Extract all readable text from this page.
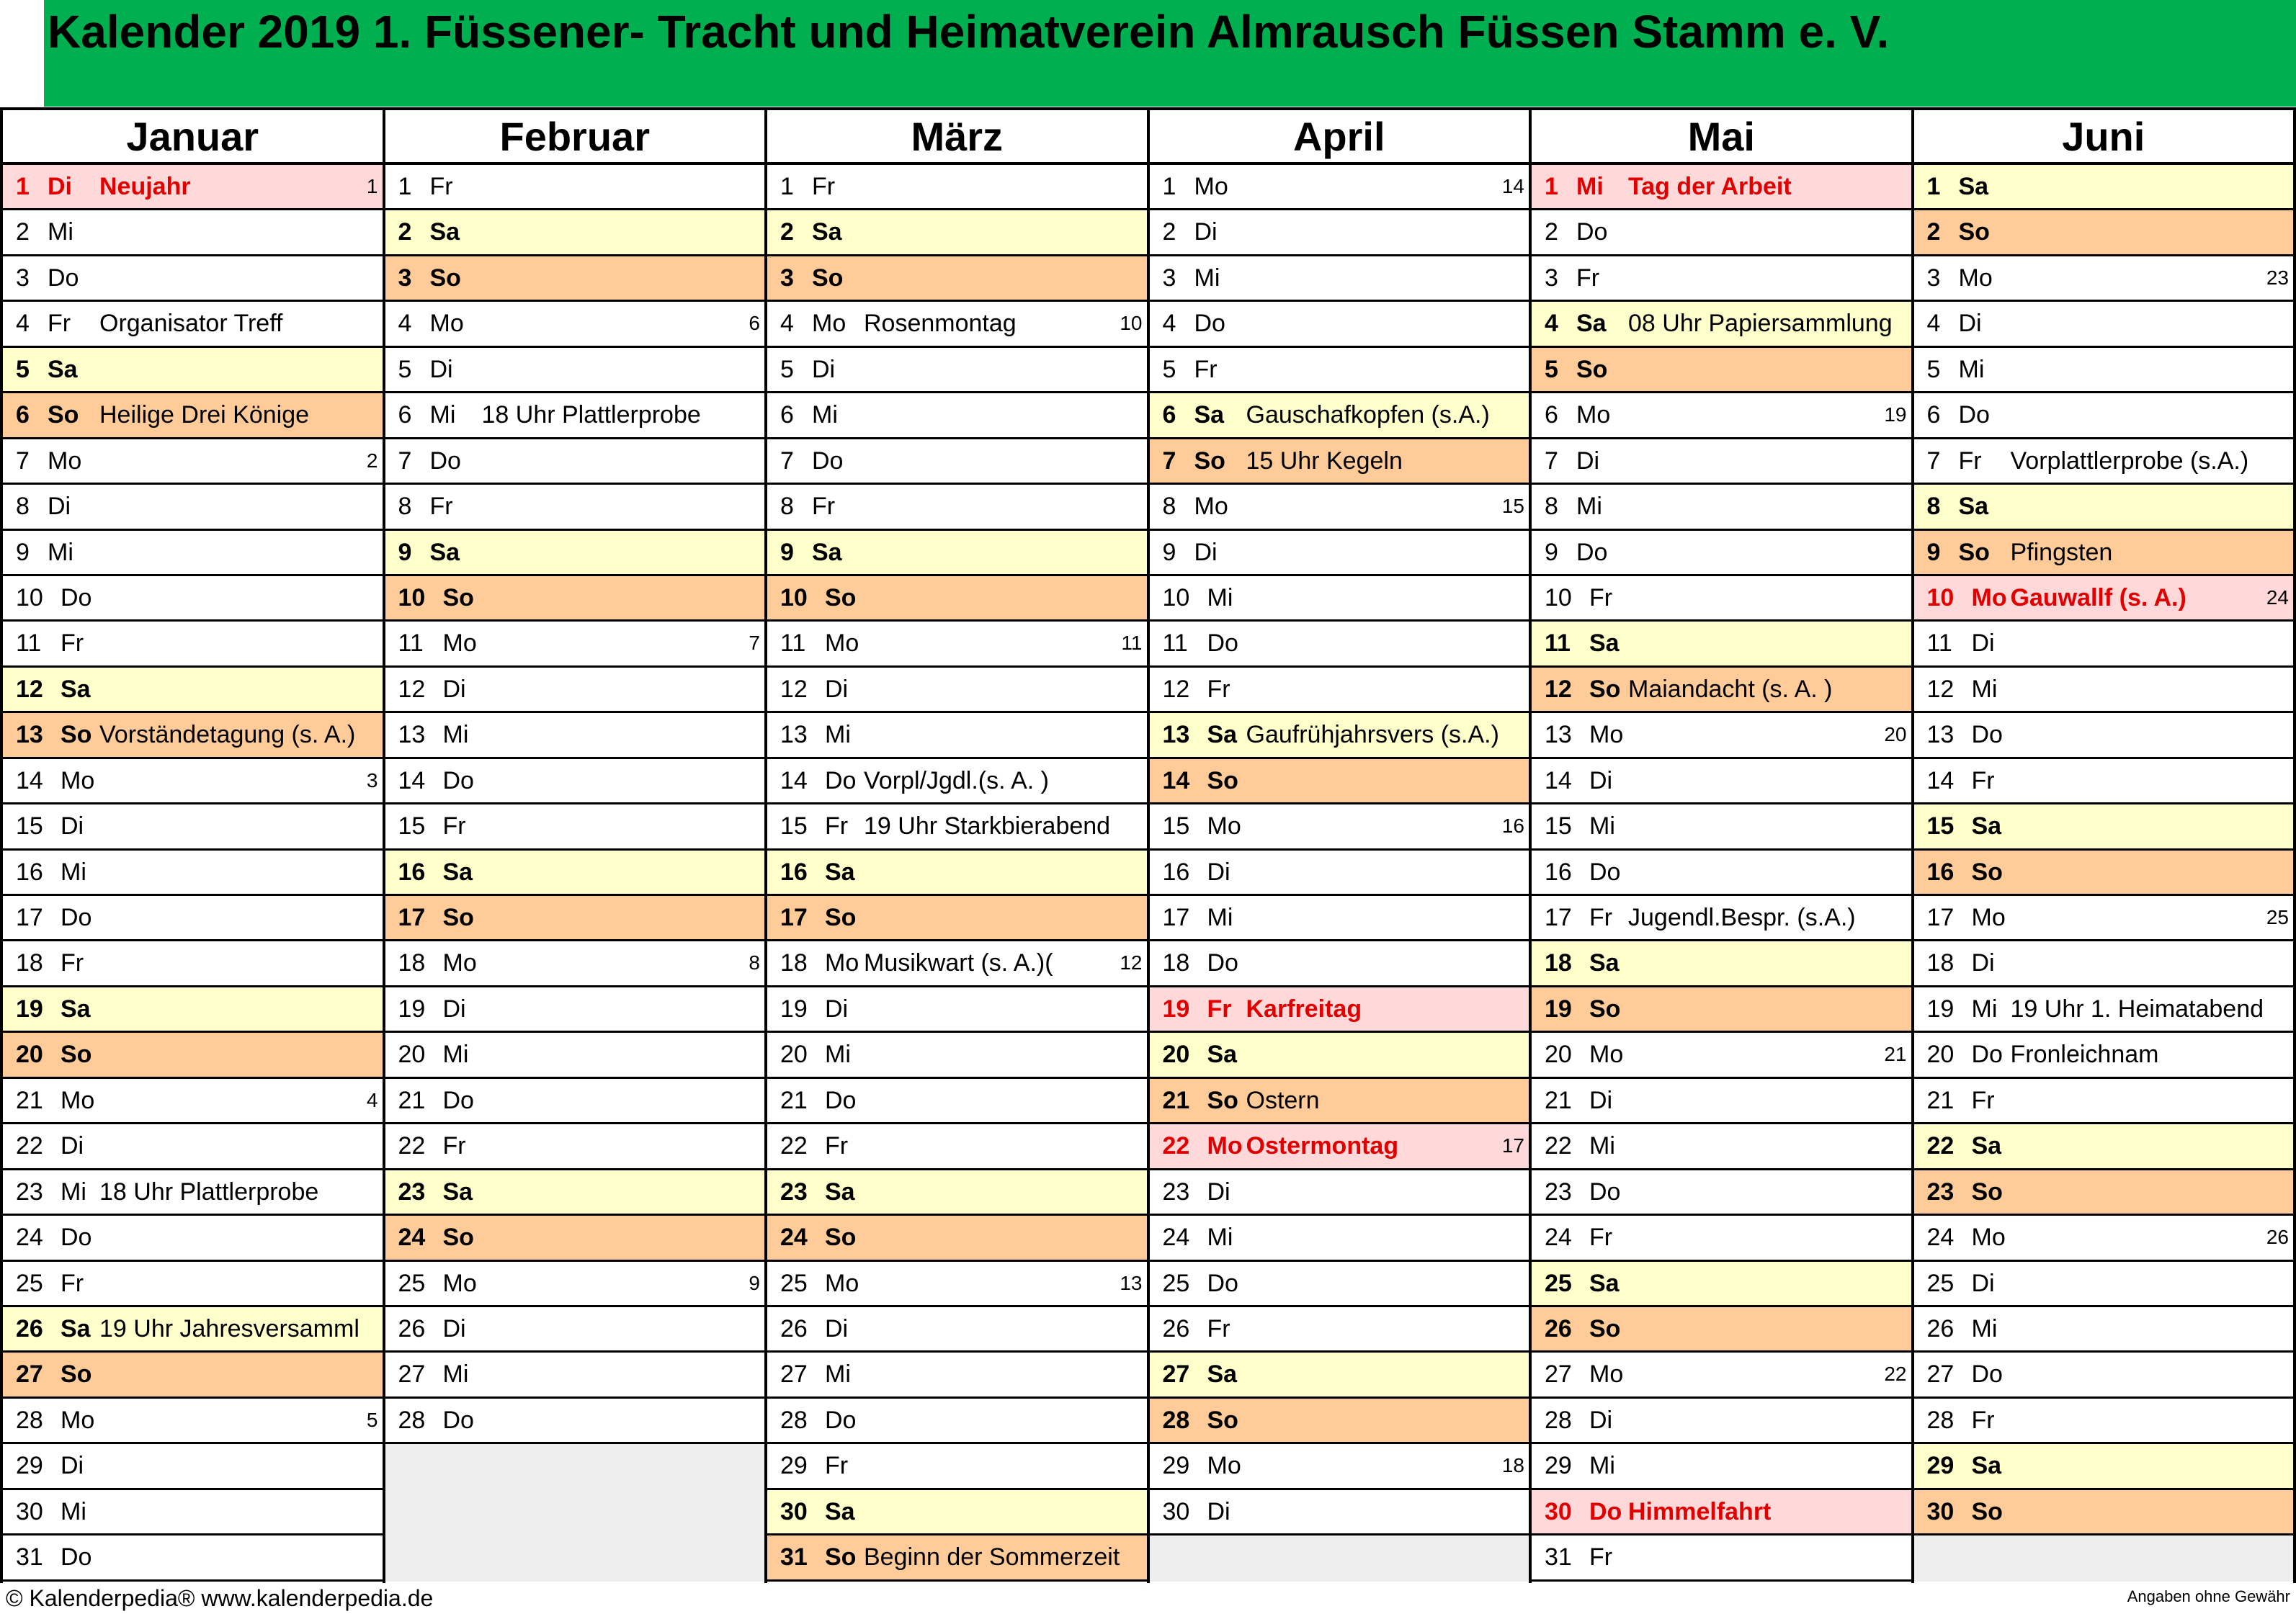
Kalender 2019 1. Füssener- Tracht und Heimatverein Almrausch Füssen Stamm e. V.
Januar
1 Di Neujahr	1
2 Mi
3 Do
4 Fr Organisator Treff
5 Sa
6 So Heilige Drei Könige
7 Mo	2
8 Di
9 Mi
10 Do
11 Fr
12 Sa
13 So Vorständetagung (s. A.)
14 Mo	3
15 Di
16 Mi
17 Do
18 Fr
19 Sa
20 So
21 Mo	4
22 Di
23 Mi 18 Uhr Plattlerprobe
24 Do
25 Fr
26 Sa 19 Uhr Jahresversamml
27 So
28 Mo	5
29 Di
30 Mi
31 Do
Februar
1 Fr
2 Sa
3 So
4 Mo	6
5 Di
6 Mi 18 Uhr Plattlerprobe
7 Do
8 Fr
9 Sa
10 So
11 Mo	7
12 Di
13 Mi
14 Do
15 Fr
16 Sa
17 So
18 Mo	8
19 Di
20 Mi
21 Do
22 Fr
23 Sa
24 So
25 Mo	9
26 Di
27 Mi
28 Do
März
1 Fr
2 Sa
3 So
4 Mo Rosenmontag	10
5 Di
6 Mi
7 Do
8 Fr
9 Sa
10 So
11 Mo	11
12 Di
13 Mi
14 Do Vorpl/Jgdl.(s. A. )
15 Fr 19 Uhr Starkbierabend
16 Sa
17 So
18 Mo Musikwart (s. A.)(	12
19 Di
20 Mi
21 Do
22 Fr
23 Sa
24 So
25 Mo	13
26 Di
27 Mi
28 Do
29 Fr
30 Sa
31 So Beginn der Sommerzeit
April
1 Mo	14
2 Di
3 Mi
4 Do
5 Fr
6 Sa Gauschafkopfen (s.A.)
7 So 15 Uhr Kegeln
8 Mo	15
9 Di
10 Mi
11 Do
12 Fr
13 Sa Gaufrühjahrsvers (s.A.)
14 So
15 Mo	16
16 Di
17 Mi
18 Do
19 Fr Karfreitag
20 Sa
21 So Ostern
22 Mo Ostermontag	17
23 Di
24 Mi
25 Do
26 Fr
27 Sa
28 So
29 Mo	18
30 Di
Mai
1 Mi Tag der Arbeit
2 Do
3 Fr
4 Sa 08 Uhr Papiersammlung
5 So
6 Mo	19
7 Di
8 Mi
9 Do
10 Fr
11 Sa
12 So Maiandacht (s. A. )
13 Mo	20
14 Di
15 Mi
16 Do
17 Fr Jugendl.Bespr. (s.A.)
18 Sa
19 So
20 Mo	21
21 Di
22 Mi
23 Do
24 Fr
25 Sa
26 So
27 Mo	22
28 Di
29 Mi
30 Do Himmelfahrt
31 Fr
Juni
1 Sa
2 So
3 Mo	23
4 Di
5 Mi
6 Do
7 Fr Vorplattlerprobe (s.A.)
8 Sa
9 So Pfingsten
10 Mo Gauwallf (s. A.)	24
11 Di
12 Mi
13 Do
14 Fr
15 Sa
16 So
17 Mo	25
18 Di
19 Mi 19 Uhr 1. Heimatabend
20 Do Fronleichnam
21 Fr
22 Sa
23 So
24 Mo	26
25 Di
26 Mi
27 Do
28 Fr
29 Sa
30 So
© Kalenderpedia® www.kalenderpedia.de	Angaben ohne Gewähr
